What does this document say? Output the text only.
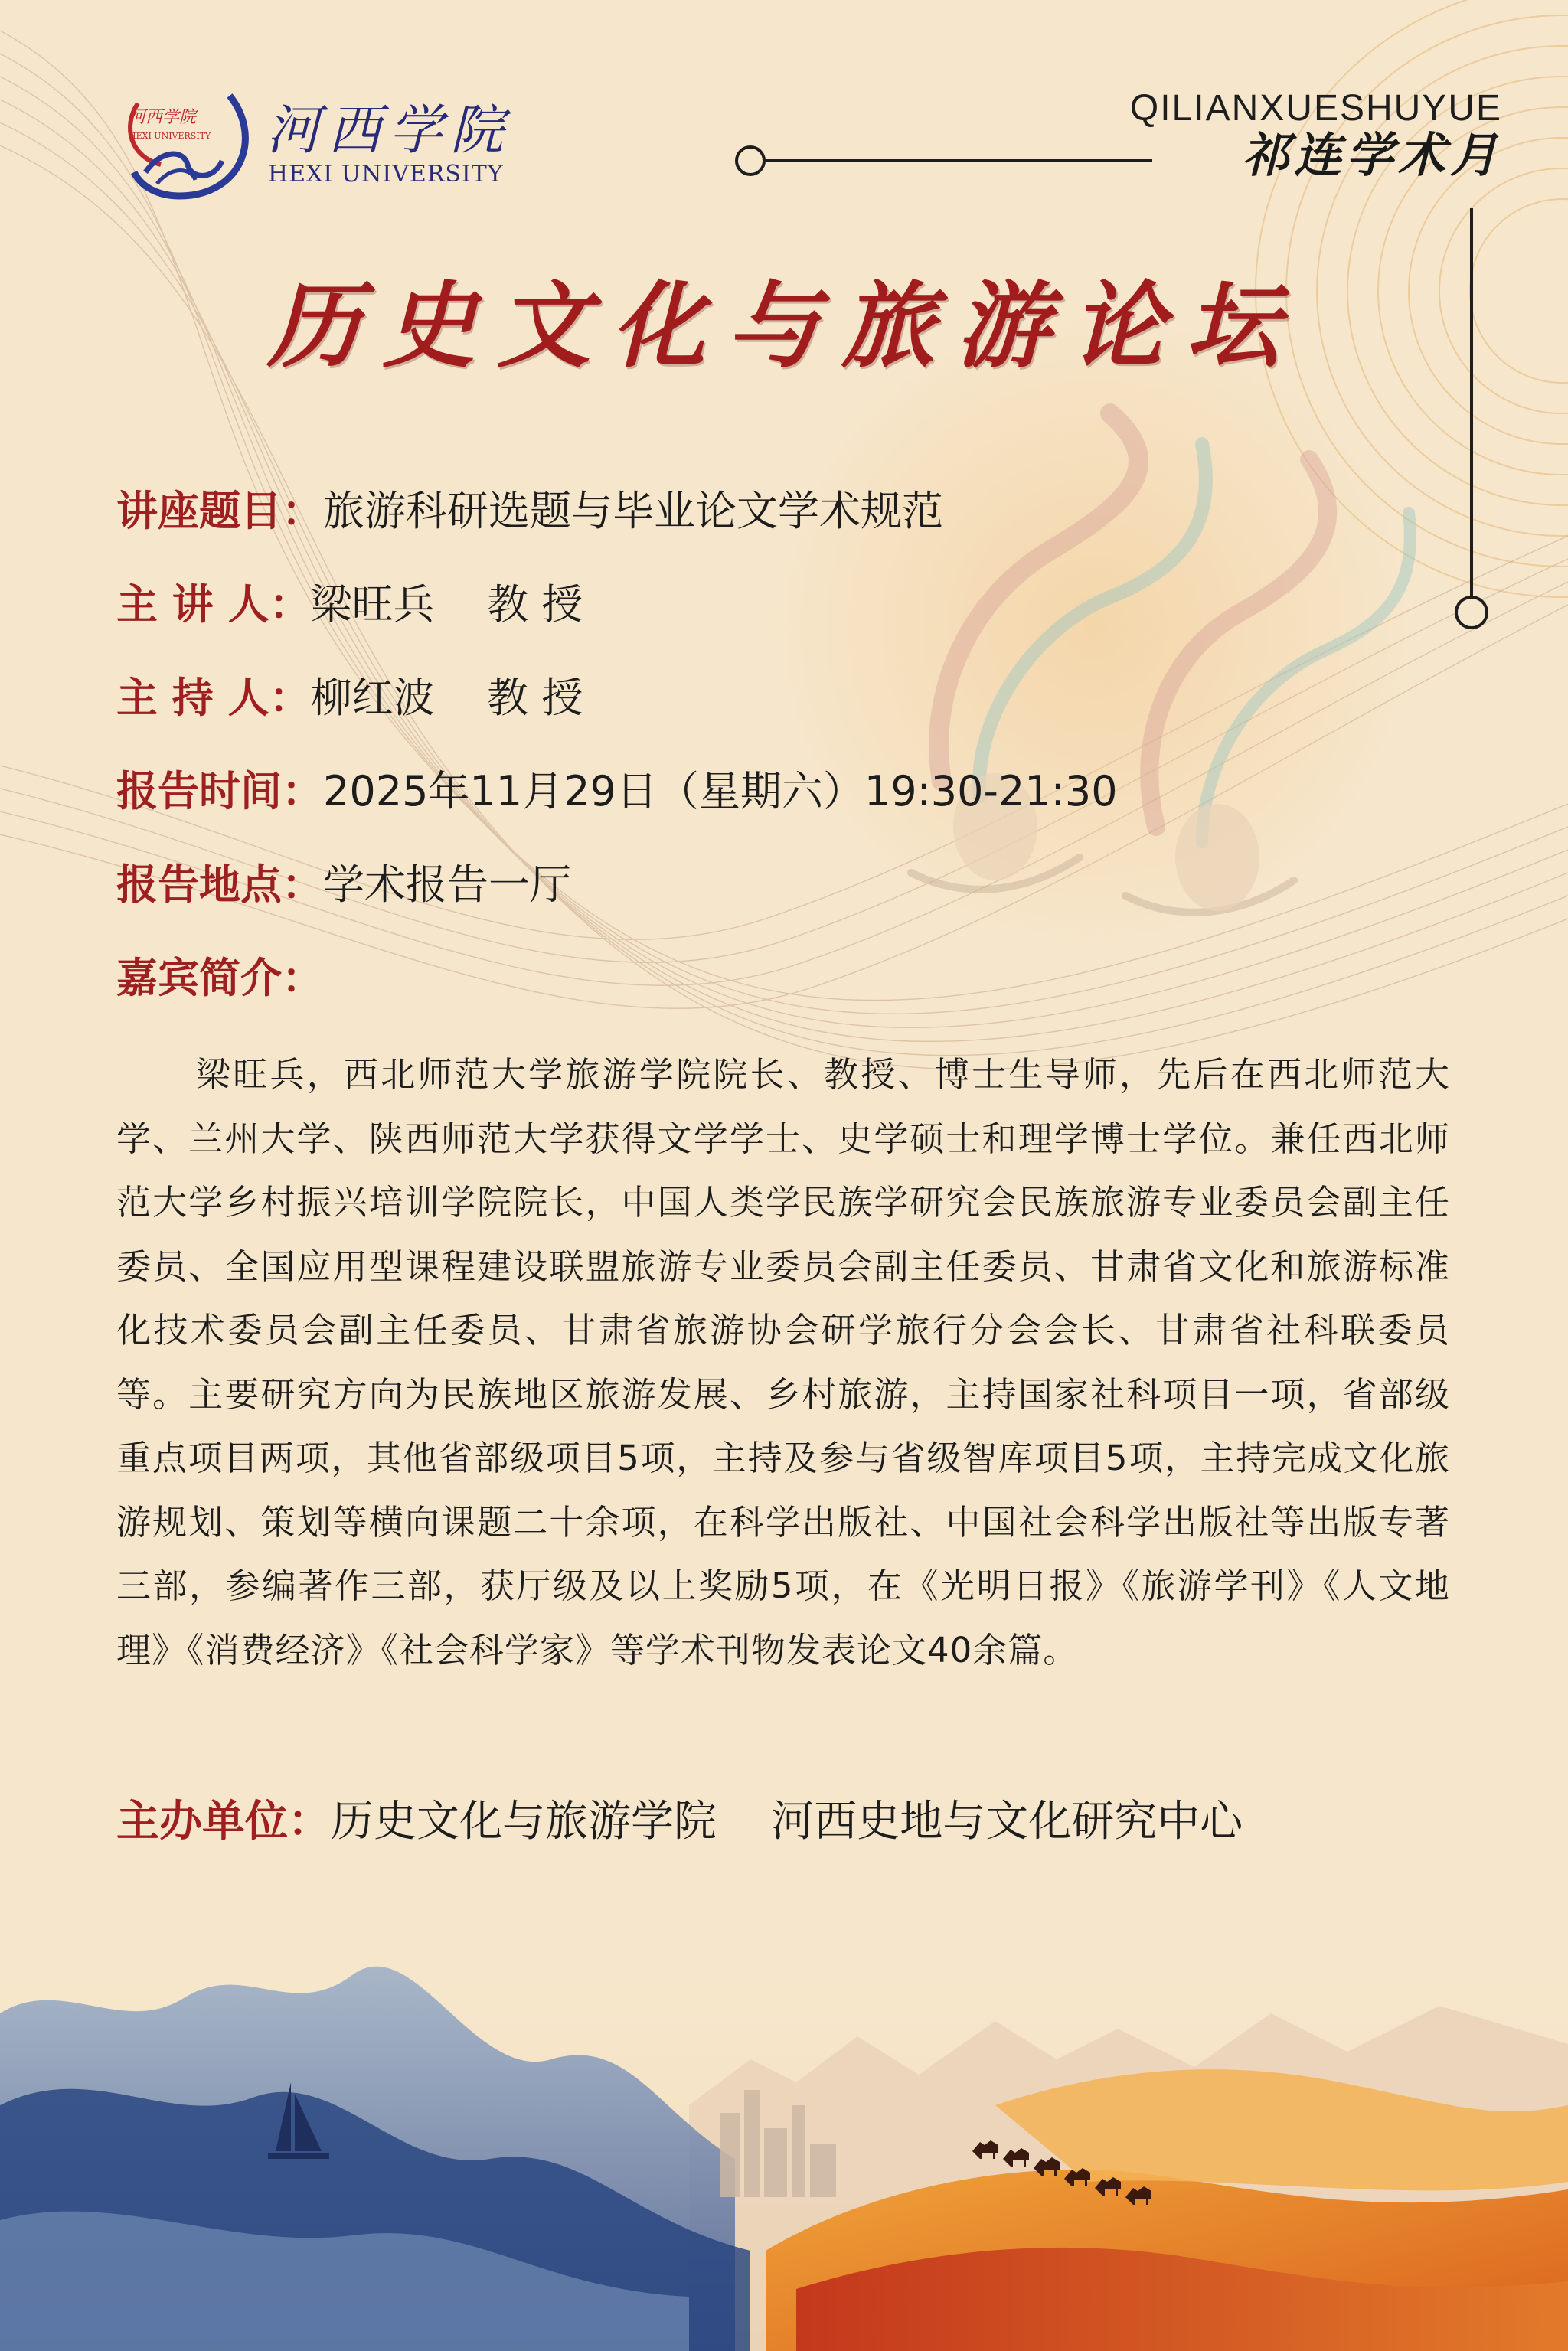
河西学院
HEXI UNIVERSITY 河西学院
HEXI UNIVERSITY
QILIANXUESHUYUE
祁连学术月
历史文化与旅游论坛
讲座题目： 旅游科研选题与毕业论文学术规范
主 讲 人： 梁旺兵    教 授
主 持 人： 柳红波    教 授
报告时间： 2025年11月29日（星期六）19:30-21:30
报告地点： 学术报告一厅
嘉宾简介：
梁旺兵，西北师范大学旅游学院院长、教授、博士生导师，先后在西北师范大学、兰州大学、陕西师范大学获得文学学士、史学硕士和理学博士学位。兼任西北师范大学乡村振兴培训学院院长，中国人类学民族学研究会民族旅游专业委员会副主任委员、全国应用型课程建设联盟旅游专业委员会副主任委员、甘肃省文化和旅游标准化技术委员会副主任委员、甘肃省旅游协会研学旅行分会会长、甘肃省社科联委员等。主要研究方向为民族地区旅游发展、乡村旅游，主持国家社科项目一项，省部级重点项目两项，其他省部级项目5项，主持及参与省级智库项目5项，主持完成文化旅游规划、策划等横向课题二十余项，在科学出版社、中国社会科学出版社等出版专著三部，参编著作三部，获厅级及以上奖励5项，在《光明日报》《旅游学刊》《人文地理》《消费经济》《社会科学家》等学术刊物发表论文40余篇。
主办单位： 历史文化与旅游学院    河西史地与文化研究中心
